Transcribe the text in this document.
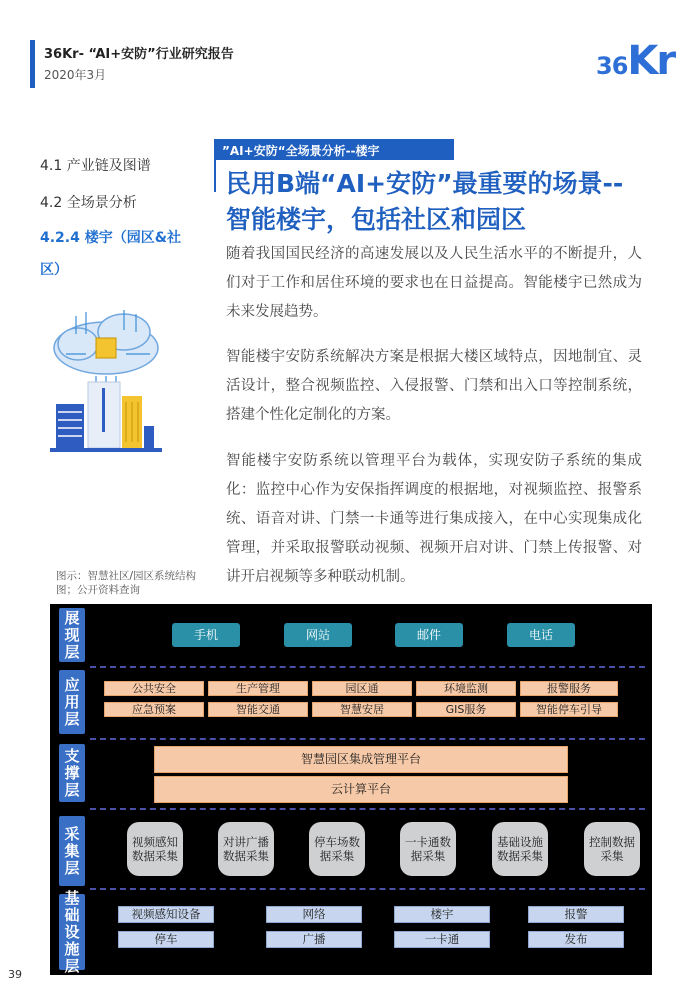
36Kr- “AI+安防”行业研究报告
2020年3月	36Kr
4.1 产业链及图谱
4.2 全场景分析
4.2.4 楼宇（园区&社
区）
”AI+安防“全场景分析--楼宇
民用B端“AI+安防”最重要的场景--智能楼宇，包括社区和园区
随着我国国民经济的高速发展以及人民生活水平的不断提升，人们对于工作和居住环境的要求也在日益提高。智能楼宇已然成为未来发展趋势。
智能楼宇安防系统解决方案是根据大楼区域特点，因地制宜、灵活设计，整合视频监控、入侵报警、门禁和出入口等控制系统，搭建个性化定制化的方案。
智能楼宇安防系统以管理平台为载体，实现安防子系统的集成化：监控中心作为安保指挥调度的根据地，对视频监控、报警系统、语音对讲、门禁一卡通等进行集成接入，在中心实现集成化管理，并采取报警联动视频、视频开启对讲、门禁上传报警、对讲开启视频等多种联动机制。
图示：智慧社区/园区系统结构图；公开资料查询
展现层
应用层
支撑层
采集层
基础设施层
手机	网站	邮件	电话
公共安全	生产管理	园区通	环境监测	报警服务
应急预案	智能交通	智慧安居	GIS服务	智能停车引导
智慧园区集成管理平台
云计算平台
视频感知数据采集
对讲广播数据采集
停车场数据采集
一卡通数据采集
基础设施数据采集
控制数据采集
视频感知设备	网络	楼宇	报警
停车	广播	一卡通	发布
39
